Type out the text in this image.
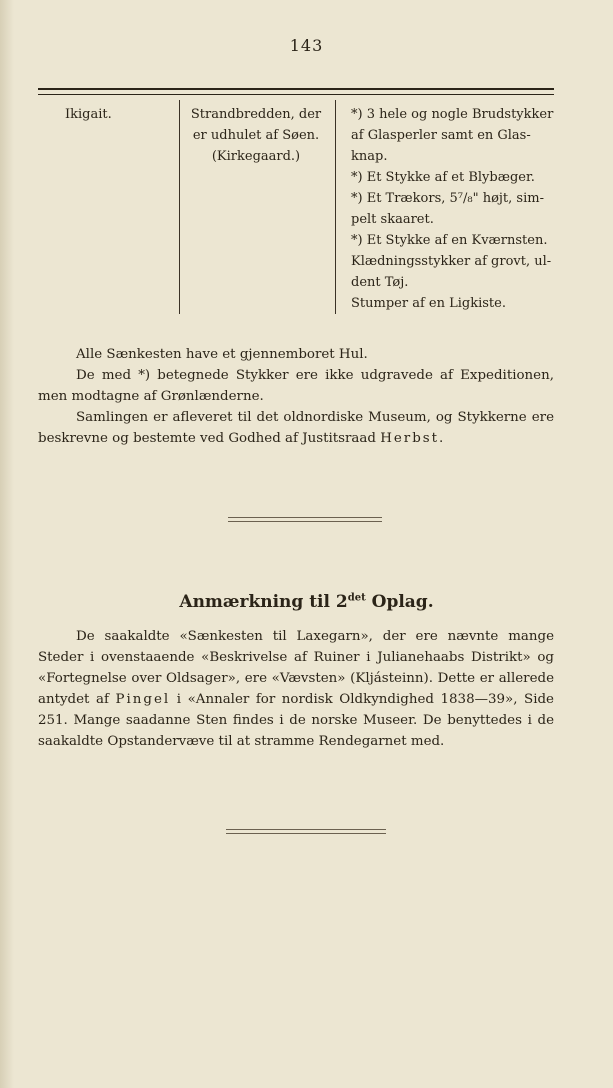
143
Ikigait.	Strandbredden, der
er udhulet af Søen.
(Kirkegaard.)

*) 3 hele og nogle Brudstykker

af Glasperler samt en Glas-

knap.

*) Et Stykke af et Blybæger.

*) Et Trækors, 5⁷/₈" højt, sim-

pelt skaaret.

*) Et Stykke af en Kværnsten.

Klædningsstykker af grovt, ul-

dent Tøj.

Stumper af en Ligkiste.

Alle Sænkesten have et gjennemboret Hul.

De med *) betegnede Stykker ere ikke udgravede af Expeditionen, men modtagne af Grønlænderne.

Samlingen er afleveret til det oldnordiske Museum, og Stykkerne ere beskrevne og bestemte ved Godhed af Justitsraad Herbst.

Anmærkning til $2^{det}$ Oplag.

De saakaldte «Sænkesten til Laxegarn», der ere nævnte mange Steder i ovenstaaende «Beskrivelse af Ruiner i Julianehaabs Distrikt» og «Fortegnelse over Oldsager», ere «Vævsten» (Kljásteinn). Dette er allerede antydet af Pingel i «Annaler for nordisk Oldkyndighed 1838—39», Side 251. Mange saadanne Sten findes i de norske Museer. De benyttedes i de saakaldte Opstandervæve til at stramme Rendegarnet med.
